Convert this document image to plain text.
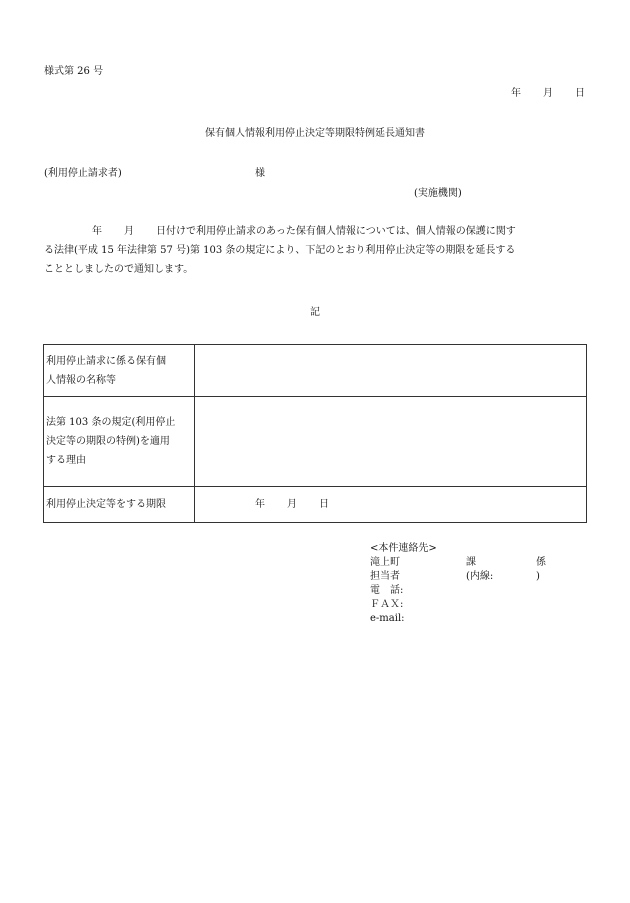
様式第 26 号
年 月 日
保有個人情報利用停止決定等期限特例延長通知書
(利用停止請求者)	様
(実施機関)
年 月 日付けで利用停止請求のあった保有個人情報については、個人情報の保護に関す
る法律(平成 15 年法律第 57 号)第 103 条の規定により、下記のとおり利用停止決定等の期限を延長する
こととしましたので通知します。
記
利用停止請求に係る保有個
人情報の名称等	

法第 103 条の規定(利用停止
決定等の期限の特例)を適用
する理由	

利用停止決定等をする期限	年 月 日
<本件連絡先>
滝上町	課	係
担当者	(内線:	)
電　話:
ＦＡＸ:
e-mail:
